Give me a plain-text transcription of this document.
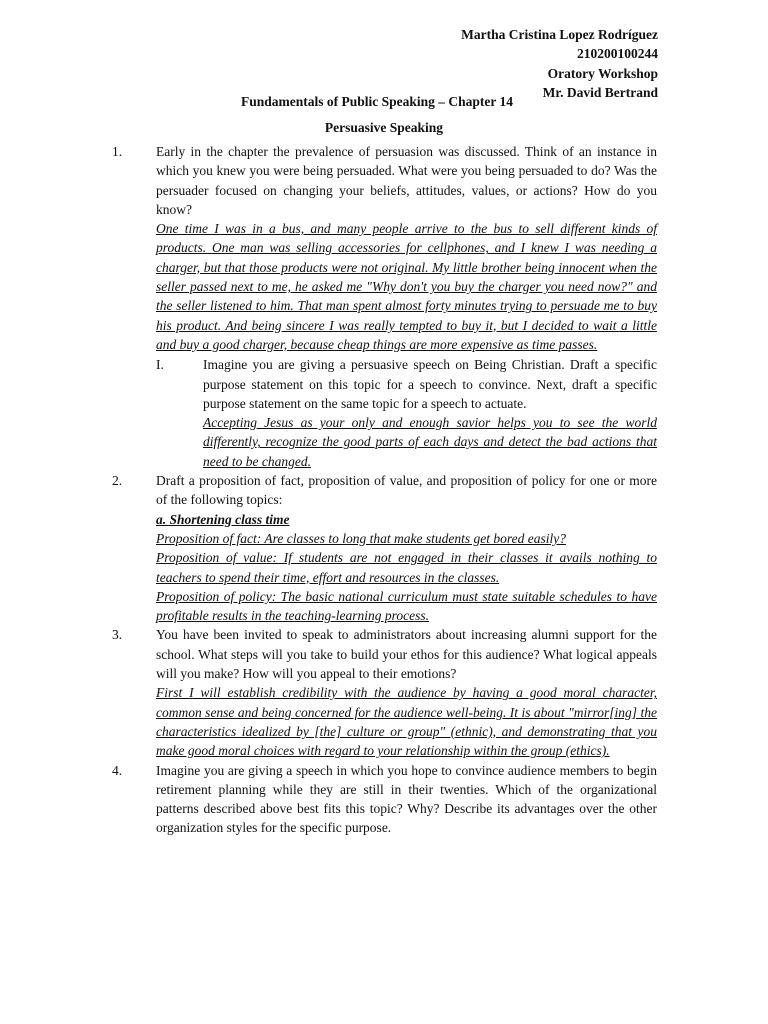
Martha Cristina Lopez Rodríguez
210200100244
Oratory Workshop
Mr. David Bertrand
Fundamentals of Public Speaking – Chapter 14
Persuasive Speaking
1.	Early in the chapter the prevalence of persuasion was discussed. Think of an instance in which you knew you were being persuaded. What were you being persuaded to do? Was the persuader focused on changing your beliefs, attitudes, values, or actions? How do you know?

One time I was in a bus, and many people arrive to the bus to sell different kinds of products. One man was selling accessories for cellphones, and I knew I was needing a charger, but that those products were not original. My little brother being innocent when the seller passed next to me, he asked me "Why don't you buy the charger you need now?" and the seller listened to him. That man spent almost forty minutes trying to persuade me to buy his product. And being sincere I was really tempted to buy it, but I decided to wait a little and buy a good charger, because cheap things are more expensive as time passes.

I.	Imagine you are giving a persuasive speech on Being Christian. Draft a specific purpose statement on this topic for a speech to convince. Next, draft a specific purpose statement on the same topic for a speech to actuate.

Accepting Jesus as your only and enough savior helps you to see the world differently, recognize the good parts of each days and detect the bad actions that need to be changed.

2.	Draft a proposition of fact, proposition of value, and proposition of policy for one or more of the following topics:

a. Shortening class time

Proposition of fact: Are classes to long that make students get bored easily?

Proposition of value: If students are not engaged in their classes it avails nothing to teachers to spend their time, effort and resources in the classes.

Proposition of policy: The basic national curriculum must state suitable schedules to have profitable results in the teaching-learning process.

3.	You have been invited to speak to administrators about increasing alumni support for the school. What steps will you take to build your ethos for this audience? What logical appeals will you make? How will you appeal to their emotions?

First I will establish credibility with the audience by having a good moral character, common sense and being concerned for the audience well-being. It is about "mirror[ing] the characteristics idealized by [the] culture or group" (ethnic), and demonstrating that you make good moral choices with regard to your relationship within the group (ethics).

4.	Imagine you are giving a speech in which you hope to convince audience members to begin retirement planning while they are still in their twenties. Which of the organizational patterns described above best fits this topic? Why? Describe its advantages over the other organization styles for the specific purpose.
